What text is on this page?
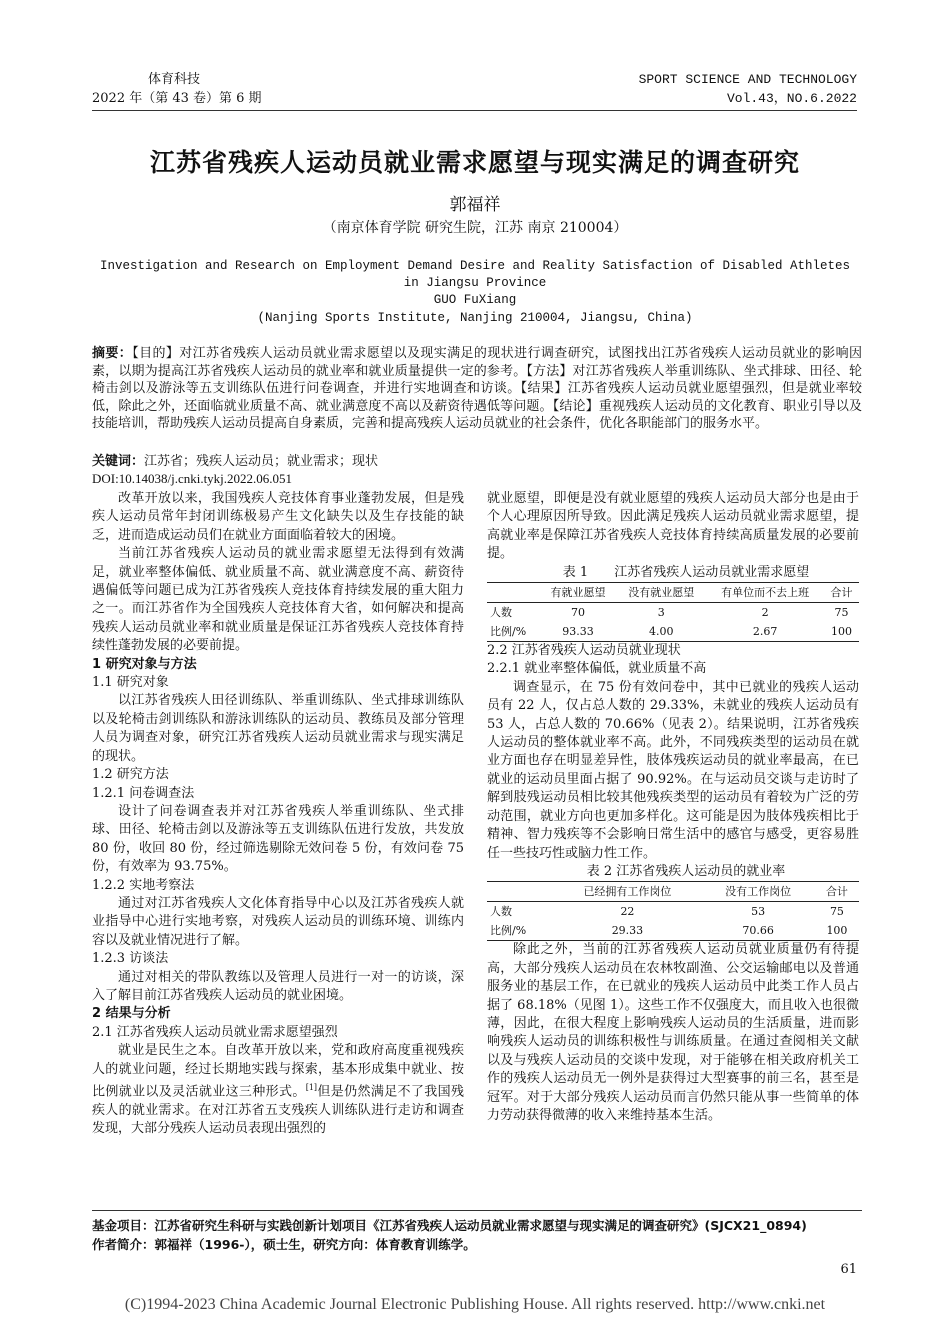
体育科技
2022 年（第 43 卷）第 6 期
SPORT SCIENCE AND TECHNOLOGY
Vol.43，NO.6.2022
江苏省残疾人运动员就业需求愿望与现实满足的调查研究
郭福祥
（南京体育学院 研究生院，江苏 南京 210004）
Investigation and Research on Employment Demand Desire and Reality Satisfaction of Disabled Athletes
in Jiangsu Province
GUO FuXiang
(Nanjing Sports Institute, Nanjing 210004, Jiangsu, China)
摘要：【目的】对江苏省残疾人运动员就业需求愿望以及现实满足的现状进行调查研究，试图找出江苏省残疾人运动员就业的影响因素，以期为提高江苏省残疾人运动员的就业率和就业质量提供一定的参考。【方法】对江苏省残疾人举重训练队、坐式排球、田径、轮椅击剑以及游泳等五支训练队伍进行问卷调查，并进行实地调查和访谈。【结果】江苏省残疾人运动员就业愿望强烈，但是就业率较低，除此之外，还面临就业质量不高、就业满意度不高以及薪资待遇低等问题。【结论】重视残疾人运动员的文化教育、职业引导以及技能培训，帮助残疾人运动员提高自身素质，完善和提高残疾人运动员就业的社会条件，优化各职能部门的服务水平。
关键词：江苏省；残疾人运动员；就业需求；现状
DOI:10.14038/j.cnki.tykj.2022.06.051

改革开放以来，我国残疾人竞技体育事业蓬勃发展，但是残疾人运动员常年封闭训练极易产生文化缺失以及生存技能的缺乏，进而造成运动员们在就业方面面临着较大的困境。

当前江苏省残疾人运动员的就业需求愿望无法得到有效满足，就业率整体偏低、就业质量不高、就业满意度不高、薪资待遇偏低等问题已成为江苏省残疾人竞技体育持续发展的重大阻力之一。而江苏省作为全国残疾人竞技体育大省，如何解决和提高残疾人运动员就业率和就业质量是保证江苏省残疾人竞技体育持续性蓬勃发展的必要前提。

1 研究对象与方法

1.1 研究对象

以江苏省残疾人田径训练队、举重训练队、坐式排球训练队以及轮椅击剑训练队和游泳训练队的运动员、教练员及部分管理人员为调查对象，研究江苏省残疾人运动员就业需求与现实满足的现状。

1.2 研究方法

1.2.1 问卷调查法

设计了问卷调查表并对江苏省残疾人举重训练队、坐式排球、田径、轮椅击剑以及游泳等五支训练队伍进行发放，共发放 80 份，收回 80 份，经过筛选剔除无效问卷 5 份，有效问卷 75 份，有效率为 93.75%。

1.2.2 实地考察法

通过对江苏省残疾人文化体育指导中心以及江苏省残疾人就业指导中心进行实地考察，对残疾人运动员的训练环境、训练内容以及就业情况进行了解。

1.2.3 访谈法

通过对相关的带队教练以及管理人员进行一对一的访谈，深入了解目前江苏省残疾人运动员的就业困境。

2 结果与分析

2.1 江苏省残疾人运动员就业需求愿望强烈

就业是民生之本。自改革开放以来，党和政府高度重视残疾人的就业问题，经过长期地实践与探索，基本形成集中就业、按比例就业以及灵活就业这三种形式。[1]但是仍然满足不了我国残疾人的就业需求。在对江苏省五支残疾人训练队进行走访和调查发现，大部分残疾人运动员表现出强烈的

就业愿望，即便是没有就业愿望的残疾人运动员大部分也是由于个人心理原因所导致。因此满足残疾人运动员就业需求愿望，提高就业率是保障江苏省残疾人竞技体育持续高质量发展的必要前提。

表 1　　江苏省残疾人运动员就业需求愿望

	有就业愿望	没有就业愿望	有单位而不去上班	合计
人数	70	3	2	75
比例/%	93.33	4.00	2.67	100

2.2 江苏省残疾人运动员就业现状

2.2.1 就业率整体偏低，就业质量不高

调查显示，在 75 份有效问卷中，其中已就业的残疾人运动员有 22 人，仅占总人数的 29.33%，未就业的残疾人运动员有 53 人，占总人数的 70.66%（见表 2）。结果说明，江苏省残疾人运动员的整体就业率不高。此外，不同残疾类型的运动员在就业方面也存在明显差异性，肢体残疾运动员的就业率最高，在已就业的运动员里面占据了 90.92%。在与运动员交谈与走访时了解到肢残运动员相比较其他残疾类型的运动员有着较为广泛的劳动范围，就业方向也更加多样化。这可能是因为肢体残疾相比于精神、智力残疾等不会影响日常生活中的感官与感受，更容易胜任一些技巧性或脑力性工作。

表 2 江苏省残疾人运动员的就业率

	已经拥有工作岗位	没有工作岗位	合计
人数	22	53	75
比例/%	29.33	70.66	100

除此之外，当前的江苏省残疾人运动员就业质量仍有待提高，大部分残疾人运动员在农林牧副渔、公交运输邮电以及普通服务业的基层工作，在已就业的残疾人运动员中此类工作人员占据了 68.18%（见图 1）。这些工作不仅强度大，而且收入也很微薄，因此，在很大程度上影响残疾人运动员的生活质量，进而影响残疾人运动员的训练积极性与训练质量。在通过查阅相关文献以及与残疾人运动员的交谈中发现，对于能够在相关政府机关工作的残疾人运动员无一例外是获得过大型赛事的前三名，甚至是冠军。对于大部分残疾人运动员而言仍然只能从事一些简单的体力劳动获得微薄的收入来维持基本生活。

基金项目：江苏省研究生科研与实践创新计划项目《江苏省残疾人运动员就业需求愿望与现实满足的调查研究》(SJCX21_0894)
作者简介：郭福祥（1996-），硕士生，研究方向：体育教育训练学。
61
(C)1994-2023 China Academic Journal Electronic Publishing House. All rights reserved. http://www.cnki.net
